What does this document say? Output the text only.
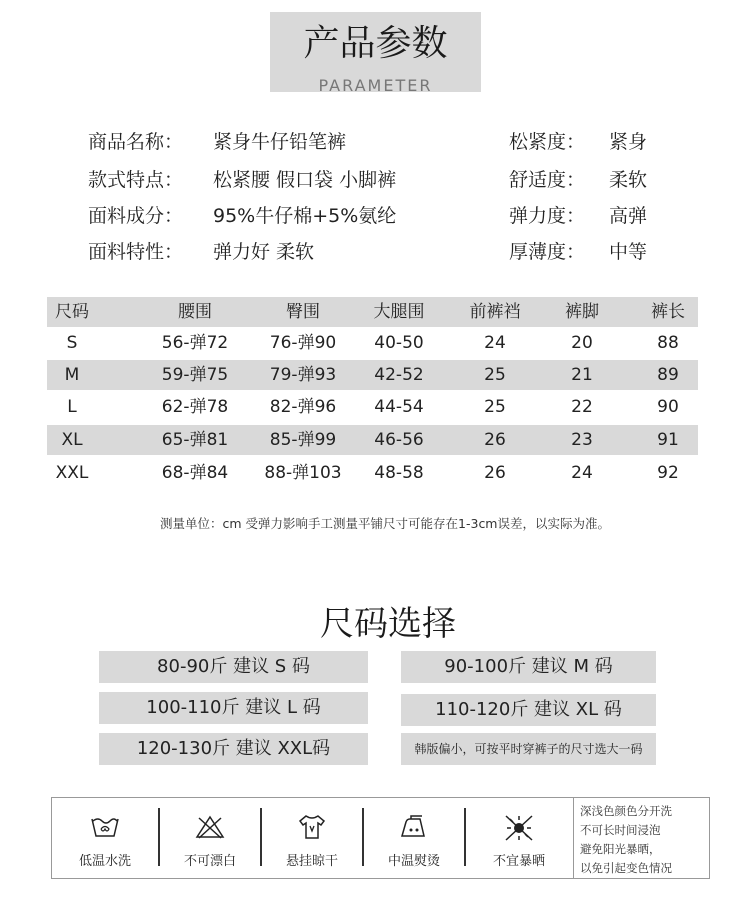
产品参数
PARAMETER
商品名称：	紧身牛仔铅笔裤	松紧度：	紧身
款式特点：	松紧腰 假口袋 小脚裤	舒适度：	柔软
面料成分：	95%牛仔棉+5%氨纶	弹力度：	高弹
面料特性：	弹力好 柔软	厚薄度：	中等
尺码	腰围	臀围	大腿围	前裤裆	裤脚	裤长
S	56-弹72	76-弹90	40-50	24	20	88
M	59-弹75	79-弹93	42-52	25	21	89
L	62-弹78	82-弹96	44-54	25	22	90
XL	65-弹81	85-弹99	46-56	26	23	91
XXL	68-弹84	88-弹103	48-58	26	24	92
测量单位：cm 受弹力影响手工测量平铺尺寸可能存在1-3cm误差，以实际为准。
尺码选择
80-90斤 建议 S 码	90-100斤 建议 M 码
100-110斤 建议 L 码	110-120斤 建议 XL 码
120-130斤 建议 XXL码	韩版偏小，可按平时穿裤子的尺寸选大一码
低温水洗	不可漂白	悬挂晾干	中温熨烫	不宜暴晒
深浅色颜色分开洗
不可长时间浸泡
避免阳光暴晒，
以免引起变色情况
